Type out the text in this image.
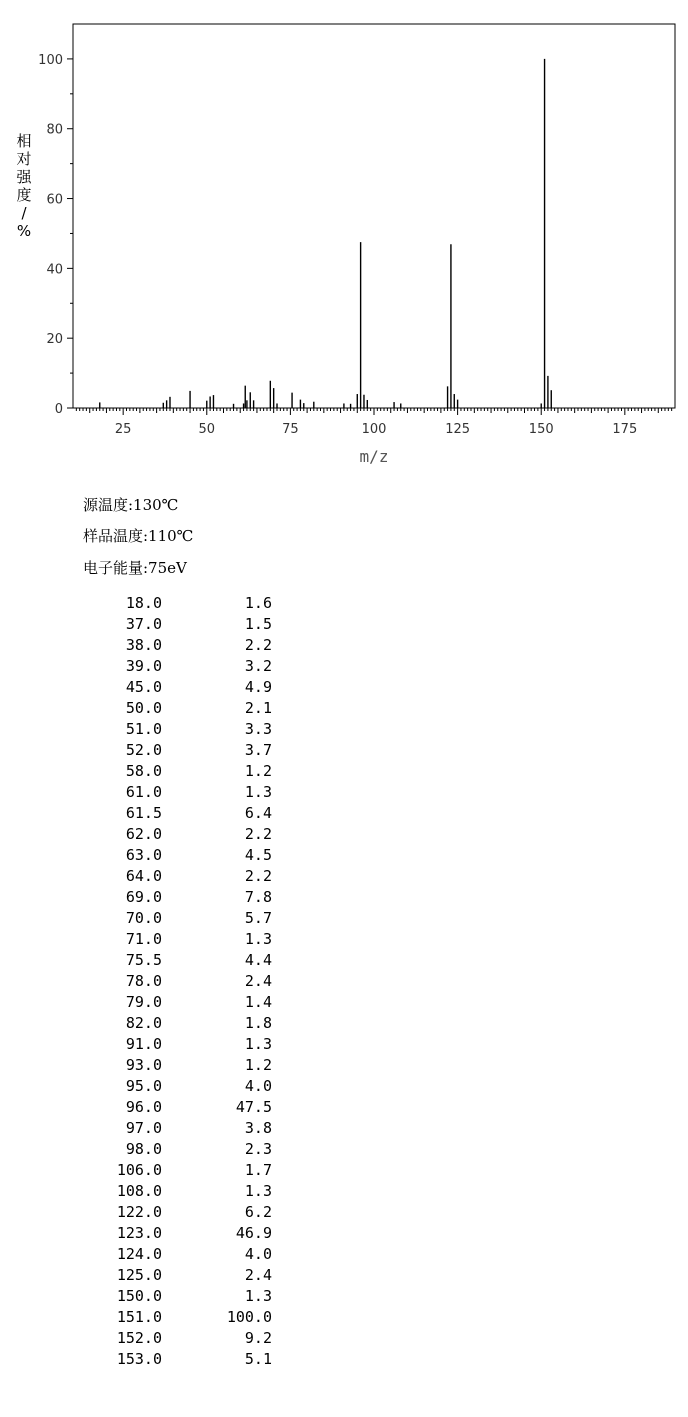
0
20
40
60
80
100
25	50	75	100	125	150	175
m/z
相对强度/ %
源温度:130℃
样品温度:110℃
电子能量:75eV
18.0	1.6
37.0	1.5
38.0	2.2
39.0	3.2
45.0	4.9
50.0	2.1
51.0	3.3
52.0	3.7
58.0	1.2
61.0	1.3
61.5	6.4
62.0	2.2
63.0	4.5
64.0	2.2
69.0	7.8
70.0	5.7
71.0	1.3
75.5	4.4
78.0	2.4
79.0	1.4
82.0	1.8
91.0	1.3
93.0	1.2
95.0	4.0
96.0	47.5
97.0	3.8
98.0	2.3
106.0	1.7
108.0	1.3
122.0	6.2
123.0	46.9
124.0	4.0
125.0	2.4
150.0	1.3
151.0	100.0
152.0	9.2
153.0	5.1
